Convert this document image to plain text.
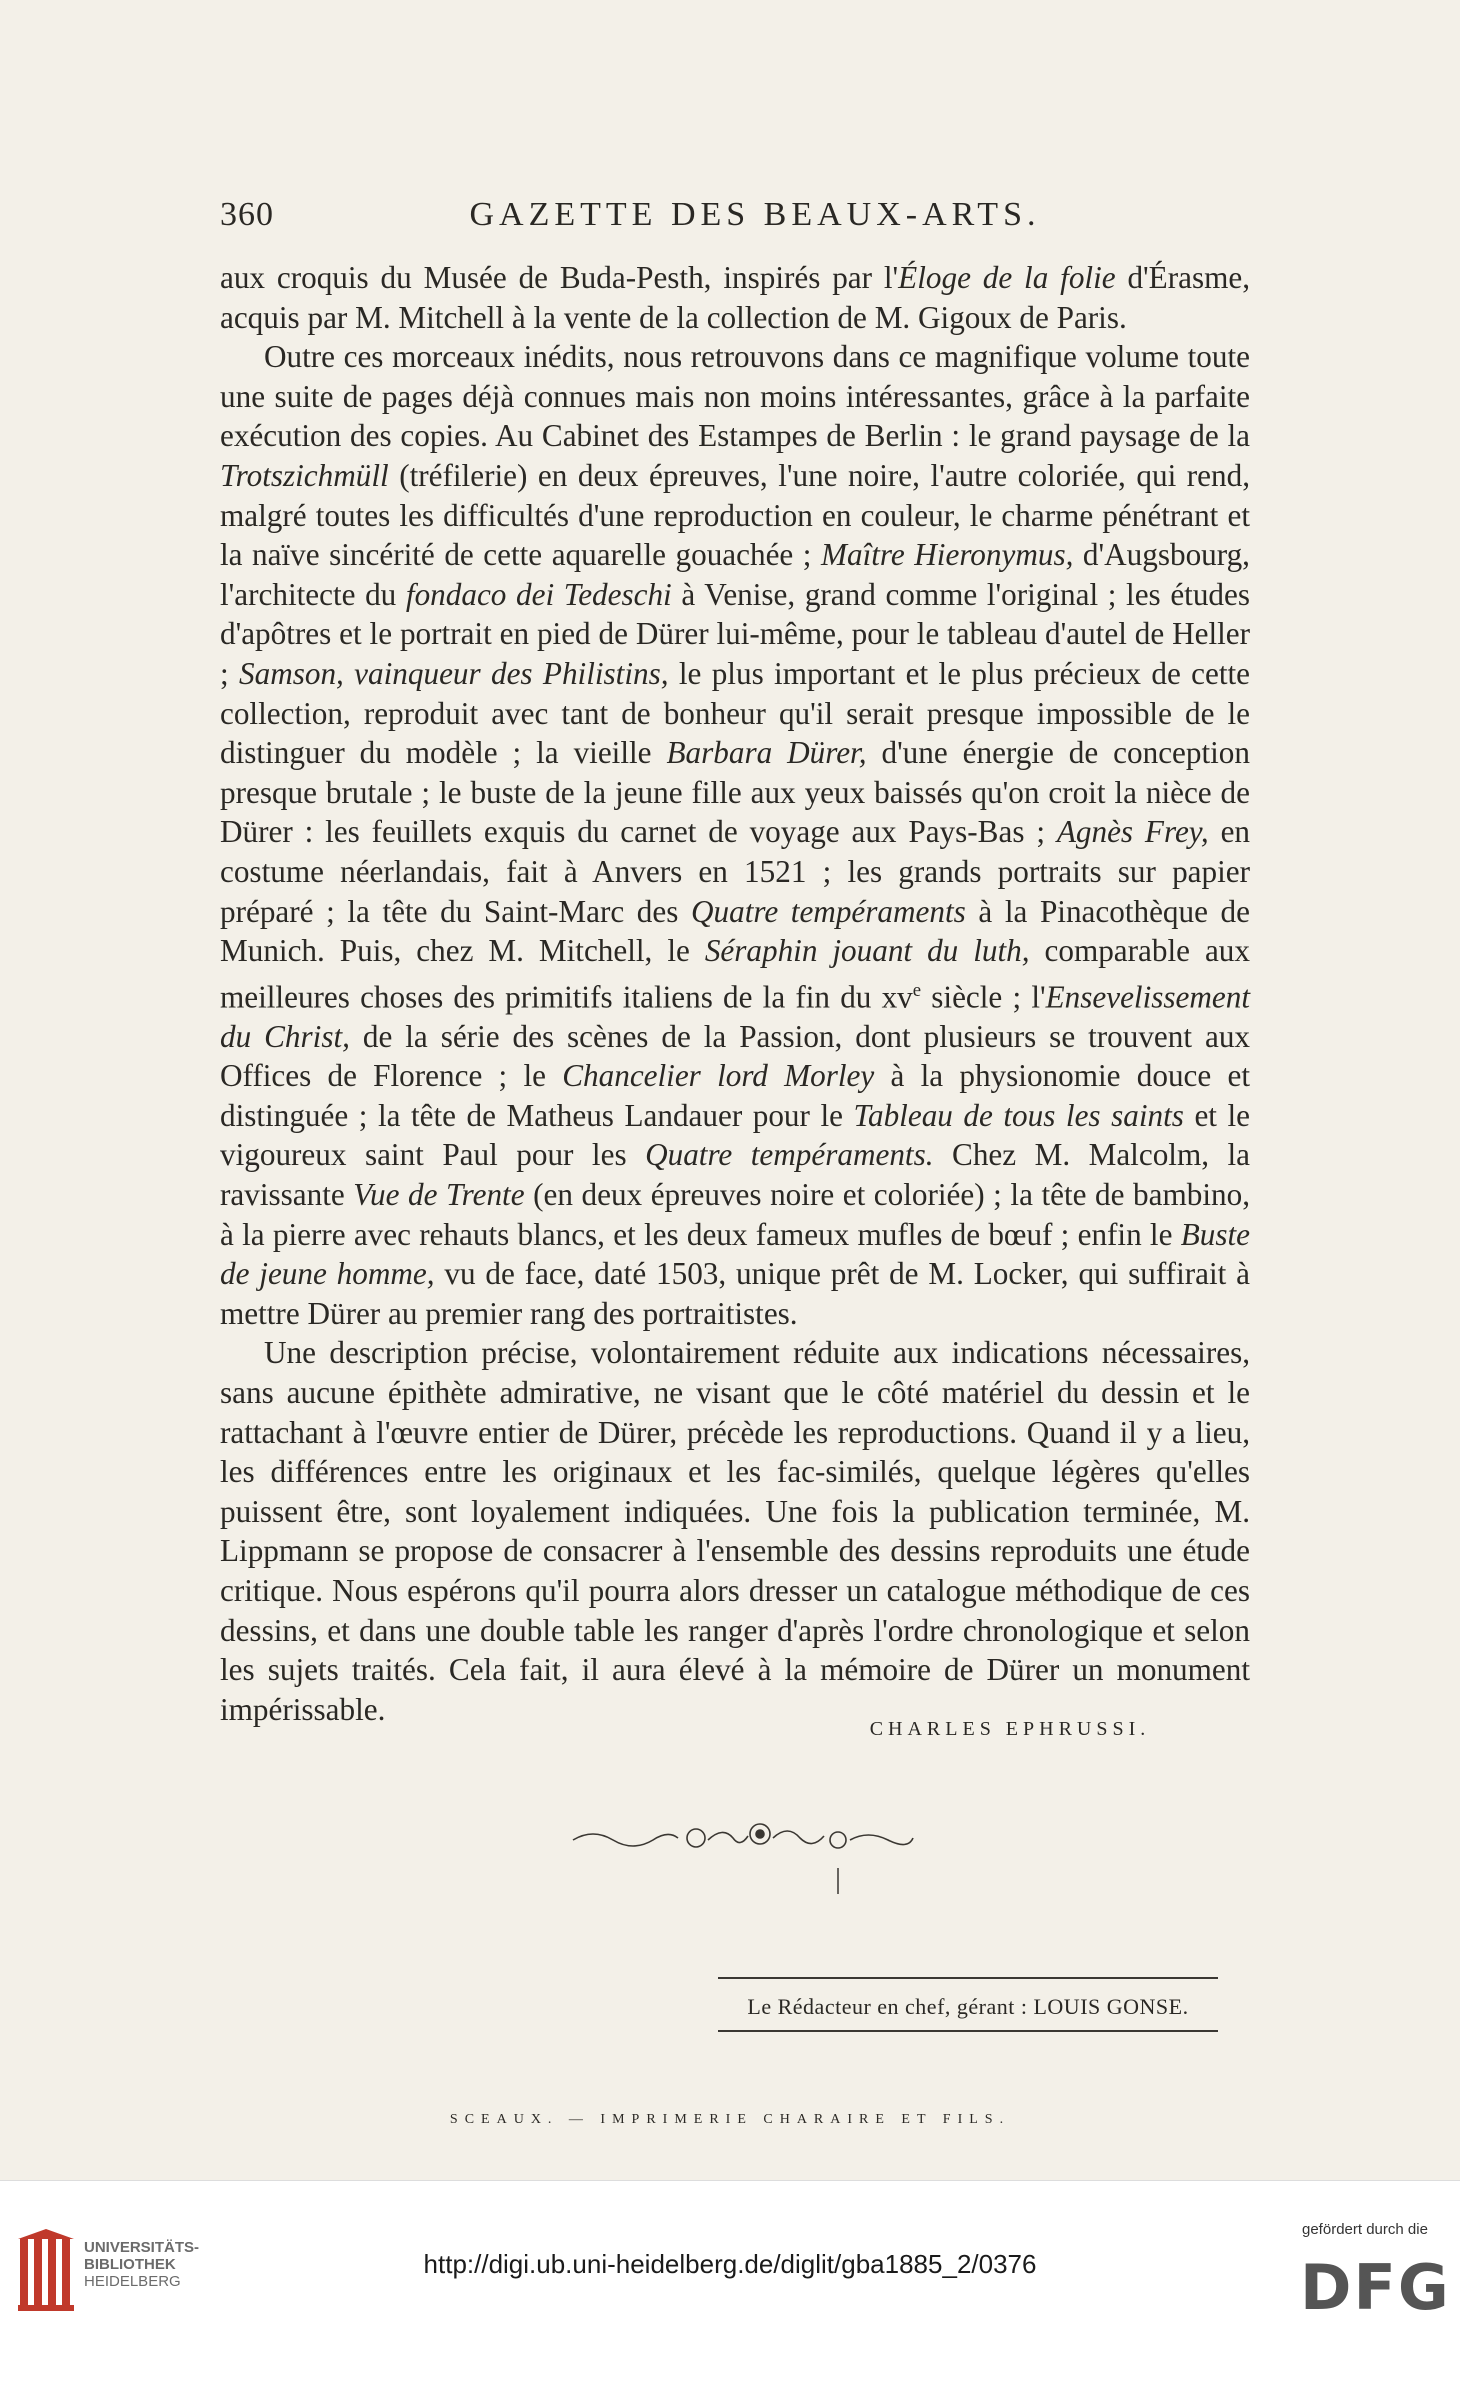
360	GAZETTE DES BEAUX-ARTS.

aux croquis du Musée de Buda-Pesth, inspirés par l'Éloge de la folie d'Érasme, acquis par M. Mitchell à la vente de la collection de M. Gigoux de Paris.

Outre ces morceaux inédits, nous retrouvons dans ce magnifique volume toute une suite de pages déjà connues mais non moins intéressantes, grâce à la parfaite exécution des copies. Au Cabinet des Estampes de Berlin : le grand paysage de la Trotszichmüll (tréfilerie) en deux épreuves, l'une noire, l'autre coloriée, qui rend, malgré toutes les difficultés d'une reproduction en couleur, le charme pénétrant et la naïve sincérité de cette aquarelle gouachée ; Maître Hieronymus, d'Augsbourg, l'architecte du fondaco dei Tedeschi à Venise, grand comme l'original ; les études d'apôtres et le portrait en pied de Dürer lui-même, pour le tableau d'autel de Heller ; Samson, vainqueur des Philistins, le plus important et le plus précieux de cette collection, reproduit avec tant de bonheur qu'il serait presque impossible de le distinguer du modèle ; la vieille Barbara Dürer, d'une énergie de conception presque brutale ; le buste de la jeune fille aux yeux baissés qu'on croit la nièce de Dürer : les feuillets exquis du carnet de voyage aux Pays-Bas ; Agnès Frey, en costume néerlandais, fait à Anvers en 1521 ; les grands portraits sur papier préparé ; la tête du Saint-Marc des Quatre tempéraments à la Pinacothèque de Munich. Puis, chez M. Mitchell, le Séraphin jouant du luth, comparable aux meilleures choses des primitifs italiens de la fin du $xv^e$ siècle ; l'Ensevelissement du Christ, de la série des scènes de la Passion, dont plusieurs se trouvent aux Offices de Florence ; le Chancelier lord Morley à la physionomie douce et distinguée ; la tête de Matheus Landauer pour le Tableau de tous les saints et le vigoureux saint Paul pour les Quatre tempéraments. Chez M. Malcolm, la ravissante Vue de Trente (en deux épreuves noire et coloriée) ; la tête de bambino, à la pierre avec rehauts blancs, et les deux fameux mufles de bœuf ; enfin le Buste de jeune homme, vu de face, daté 1503, unique prêt de M. Locker, qui suffirait à mettre Dürer au premier rang des portraitistes.

Une description précise, volontairement réduite aux indications nécessaires, sans aucune épithète admirative, ne visant que le côté matériel du dessin et le rattachant à l'œuvre entier de Dürer, précède les reproductions. Quand il y a lieu, les différences entre les originaux et les fac-similés, quelque légères qu'elles puissent être, sont loyalement indiquées. Une fois la publication terminée, M. Lippmann se propose de consacrer à l'ensemble des dessins reproduits une étude critique. Nous espérons qu'il pourra alors dresser un catalogue méthodique de ces dessins, et dans une double table les ranger d'après l'ordre chronologique et selon les sujets traités. Cela fait, il aura élevé à la mémoire de Dürer un monument impérissable.

CHARLES EPHRUSSI.
Le Rédacteur en chef, gérant : LOUIS GONSE.
SCEAUX. — IMPRIMERIE CHARAIRE ET FILS.
UNIVERSITÄTS-
BIBLIOTHEK
HEIDELBERG
http://digi.ub.uni-heidelberg.de/diglit/gba1885_2/0376
gefördert durch die
DFG
